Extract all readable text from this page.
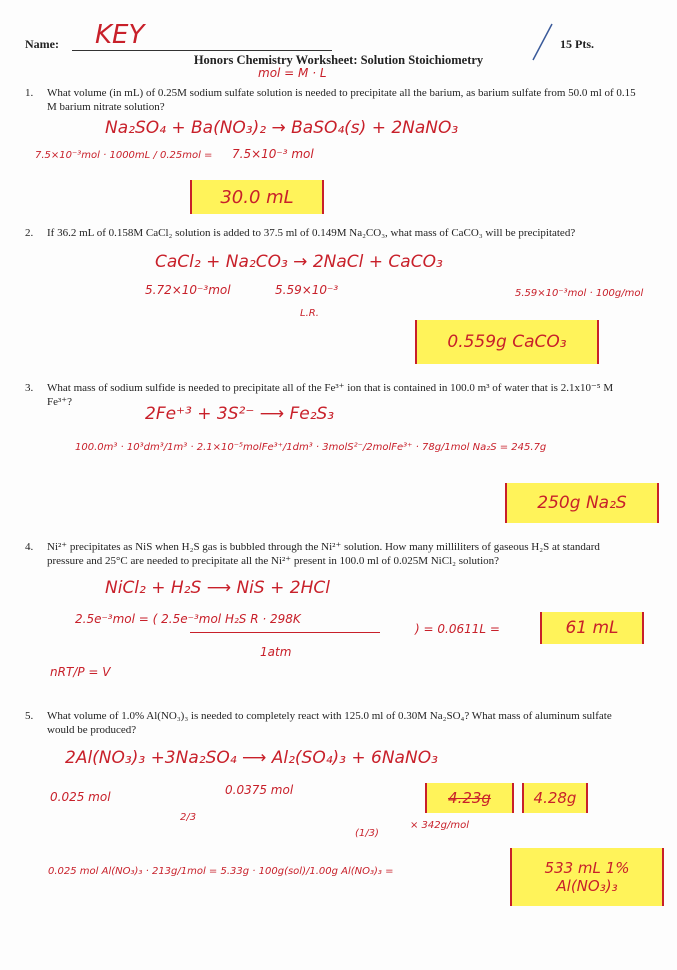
Name: KEY	15 Pts.
Honors Chemistry Worksheet: Solution Stoichiometry
mol = M · L
1. What volume (in mL) of 0.25M sodium sulfate solution is needed to precipitate all the barium, as barium sulfate from 50.0 ml of 0.15 M barium nitrate solution?
Na₂SO₄ + Ba(NO₃)₂ → BaSO₄(s) + 2NaNO₃
7.5×10⁻³mol · 1000mL / 0.25mol = 7.5×10⁻³ mol
30.0 mL
2. If 36.2 mL of 0.158M CaCl₂ solution is added to 37.5 ml of 0.149M Na₂CO₃, what mass of CaCO₃ will be precipitated?
CaCl₂ + Na₂CO₃ → 2NaCl + CaCO₃
5.72×10⁻³mol	5.59×10⁻³
L.R.
5.59×10⁻³mol · 100g/mol
0.559g CaCO₃
3. What mass of sodium sulfide is needed to precipitate all of the Fe³⁺ ion that is contained in 100.0 m³ of water that is 2.1x10⁻⁵ M Fe³⁺?
2Fe⁺³ + 3S²⁻ ⟶ Fe₂S₃
100.0m³ · 10³dm³/1m³ · 2.1×10⁻⁵molFe³⁺/1dm³ · 3molS²⁻/2molFe³⁺ · 78g/1mol Na₂S = 245.7g
250g Na₂S
4. Ni²⁺ precipitates as NiS when H₂S gas is bubbled through the Ni²⁺ solution. How many milliliters of gaseous H₂S at standard pressure and 25°C are needed to precipitate all the Ni²⁺ present in 100.0 ml of 0.025M NiCl₂ solution?
NiCl₂ + H₂S ⟶ NiS + 2HCl
2.5e⁻³mol = ( 2.5e⁻³mol H₂S R · 298K
1atm
) = 0.0611L =	61 mL
nRT/P = V
5. What volume of 1.0% Al(NO₃)₃ is needed to completely react with 125.0 ml of 0.30M Na₂SO₄? What mass of aluminum sulfate would be produced?
2Al(NO₃)₃ +3Na₂SO₄ ⟶ Al₂(SO₄)₃ + 6NaNO₃
0.025 mol	0.0375 mol
2/3
(1/3)
× 342g/mol
4.23g	4.28g
0.025 mol Al(NO₃)₃ · 213g/1mol = 5.33g · 100g(sol)/1.00g Al(NO₃)₃ =	533 mL 1% Al(NO₃)₃
